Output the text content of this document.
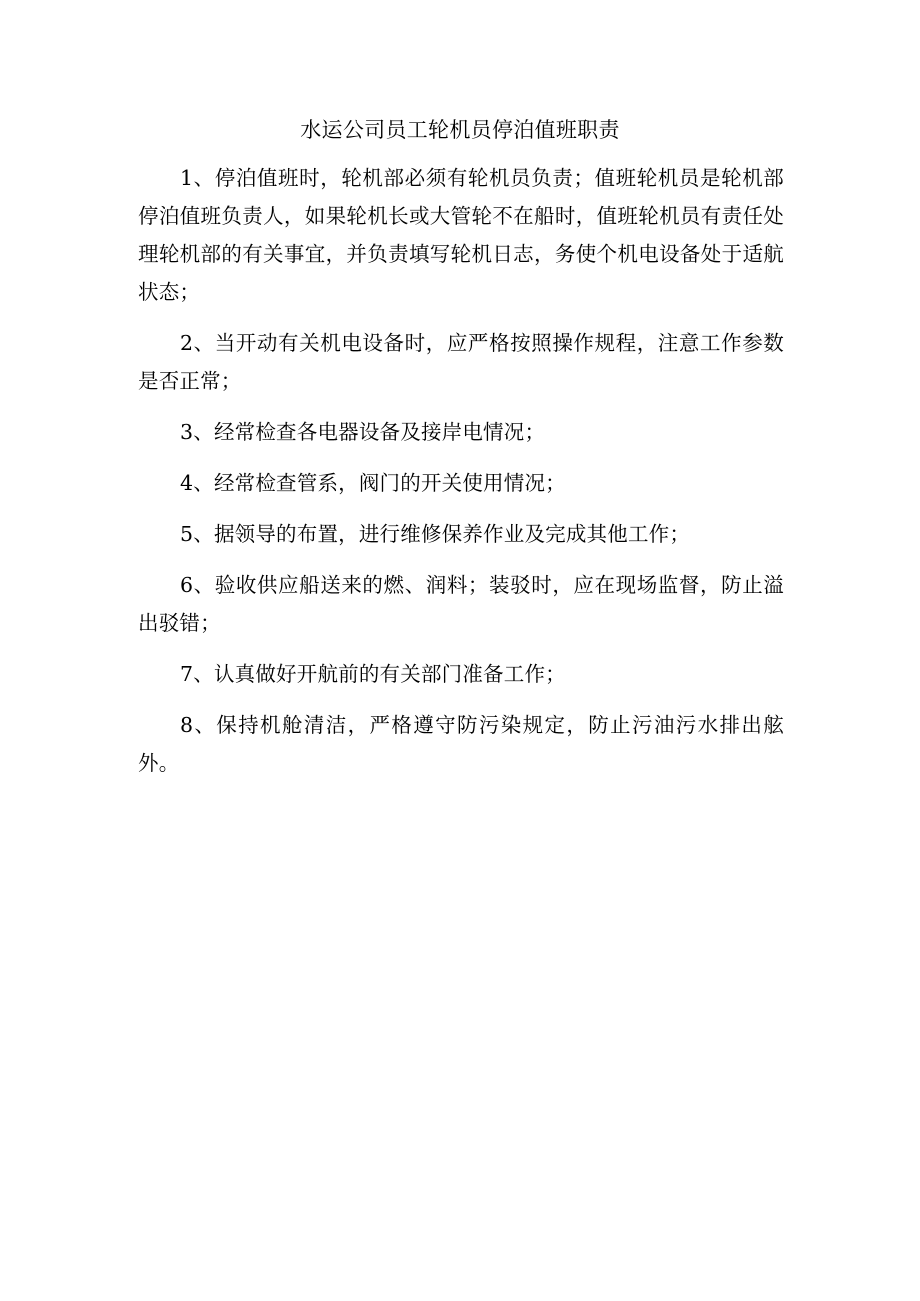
水运公司员工轮机员停泊值班职责
1、停泊值班时，轮机部必须有轮机员负责；值班轮机员是轮机部停泊值班负责人，如果轮机长或大管轮不在船时，值班轮机员有责任处理轮机部的有关事宜，并负责填写轮机日志，务使个机电设备处于适航状态；
2、当开动有关机电设备时，应严格按照操作规程，注意工作参数是否正常；
3、经常检查各电器设备及接岸电情况；
4、经常检查管系，阀门的开关使用情况；
5、据领导的布置，进行维修保养作业及完成其他工作；
6、验收供应船送来的燃、润料；装驳时，应在现场监督，防止溢出驳错；
7、认真做好开航前的有关部门准备工作；
8、保持机舱清洁，严格遵守防污染规定，防止污油污水排出舷外。
